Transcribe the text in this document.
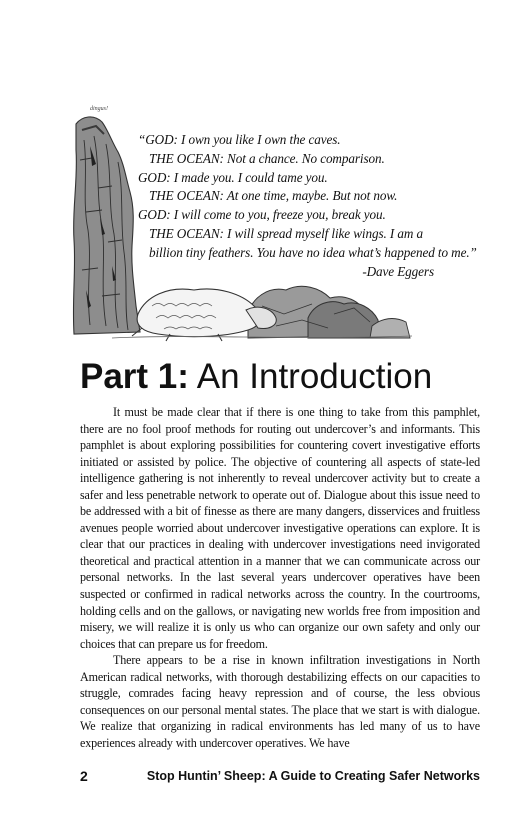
dingus!
“GOD: I own you like I own the caves.
THE OCEAN: Not a chance. No comparison.
GOD: I made you. I could tame you.
THE OCEAN: At one time, maybe. But not now.
GOD: I will come to you, freeze you, break you.
THE OCEAN: I will spread myself like wings. I am a
billion tiny feathers. You have no idea what’s happened to me.”
-Dave Eggers
Part 1: An Introduction

It must be made clear that if there is one thing to take from this pamphlet, there are no fool proof methods for routing out undercover’s and informants. This pamphlet is about exploring possibilities for countering covert investigative efforts initiated or assisted by police. The objective of countering all aspects of state-led intelligence gathering is not inherently to reveal undercover activity but to create a safer and less penetrable network to operate out of. Dialogue about this issue need to be addressed with a bit of finesse as there are many dangers, disservices and fruitless avenues people worried about undercover investigative operations can explore. It is clear that our practices in dealing with undercover investigations need invigorated theoretical and practical attention in a manner that we can communicate across our personal networks. In the last several years undercover operatives have been suspected or confirmed in radical networks across the country. In the courtrooms, holding cells and on the gallows, or navigating new worlds free from imposition and misery, we will realize it is only us who can organize our own safety and only our choices that can prepare us for freedom.

There appears to be a rise in known infiltration investigations in North American radical networks, with thorough destabilizing effects on our capacities to struggle, comrades facing heavy repression and of course, the less obvious consequences on our personal mental states. The place that we start is with dialogue. We realize that organizing in radical environments has led many of us to have experiences already with undercover operatives. We have

2	Stop Huntin’ Sheep: A Guide to Creating Safer Networks
